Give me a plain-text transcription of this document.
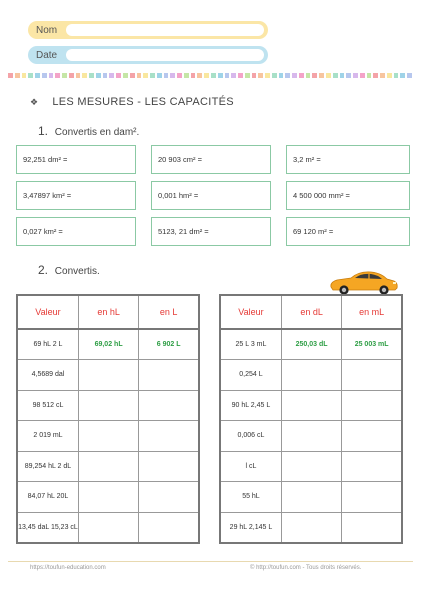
Nom
Date
❖ LES MESURES - LES CAPACITÉS
1. Convertis en dam².
92,251 dm² =	20 903 cm² =	3,2 m² =
3,47897 km² =	0,001 hm² =	4 500 000 mm² =
0,027 km² =	5123, 21 dm² =	69 120 m² =
2. Convertis.
Valeur	en hL	en L
69 hL 2 L	69,02 hL	6 902 L
4,5689 dal		
98 512 cL		
2 019 mL		
89,254 hL 2 dL		
84,07 hL 20L		
13,45 daL 15,23 cL		
Valeur	en dL	en mL
25 L 3 mL	250,03 dL	25 003 mL
0,254 L		
90 hL 2,45 L		
0,006 cL		
l cL		
55 hL		
29 hL 2,145 L		
https://toufun-education.com	© http://toufun.com - Tous droits réservés.
